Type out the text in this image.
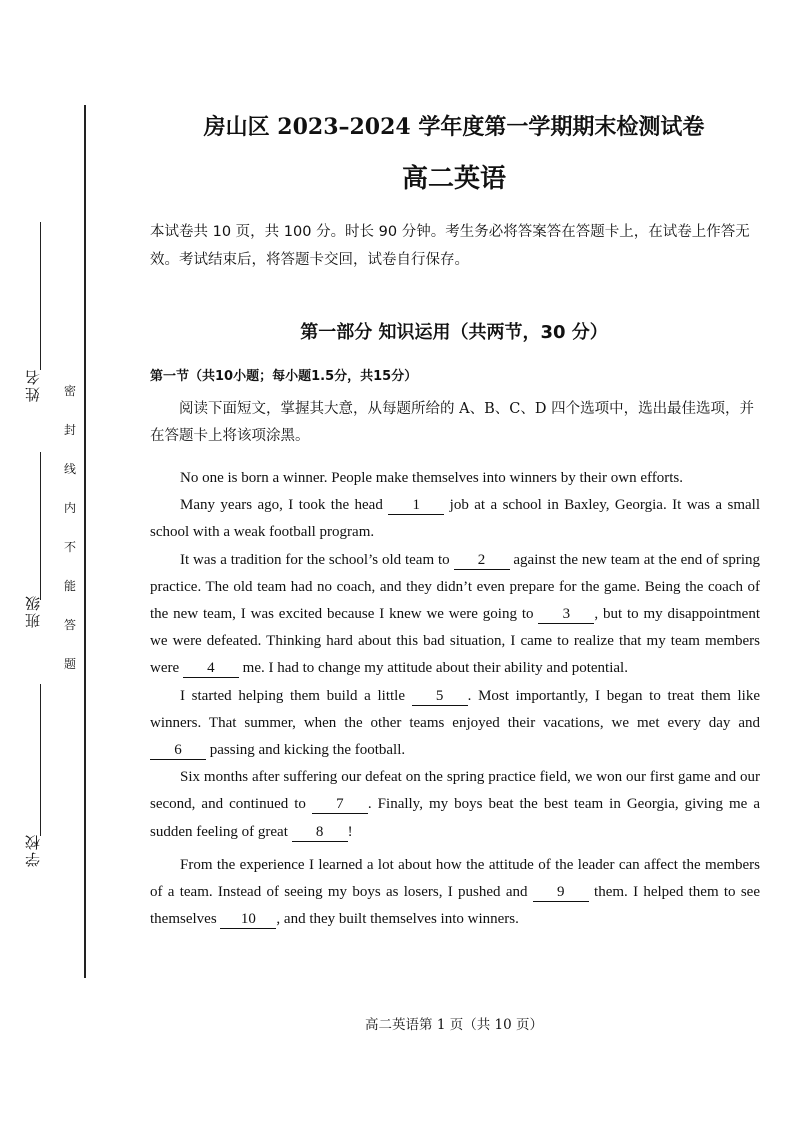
姓名
班级
学校
密
封
线
内
不
能
答
题
房山区 2023–2024 学年度第一学期期末检测试卷
高二英语
本试卷共 10 页，共 100 分。时长 90 分钟。考生务必将答案答在答题卡上，在试卷上作答无效。考试结束后，将答题卡交回，试卷自行保存。
第一部分 知识运用（共两节，30 分）
第一节（共10小题；每小题1.5分，共15分）
阅读下面短文，掌握其大意，从每题所给的 A、B、C、D 四个选项中，选出最佳选项，并在答题卡上将该项涂黑。

No one is born a winner. People make themselves into winners by their own efforts.

Many years ago, I took the head 1 job at a school in Baxley, Georgia. It was a small school with a weak football program.

It was a tradition for the school’s old team to 2 against the new team at the end of spring practice. The old team had no coach, and they didn’t even prepare for the game. Being the coach of the new team, I was excited because I knew we were going to 3 , but to my disappointment we were defeated. Thinking hard about this bad situation, I came to realize that my team members were 4 me. I had to change my attitude about their ability and potential.

I started helping them build a little 5 . Most importantly, I began to treat them like winners. That summer, when the other teams enjoyed their vacations, we met every day and 6 passing and kicking the football.

Six months after suffering our defeat on the spring practice field, we won our first game and our second, and continued to 7 . Finally, my boys beat the best team in Georgia, giving me a sudden feeling of great 8 !

From the experience I learned a lot about how the attitude of the leader can affect the members of a team. Instead of seeing my boys as losers, I pushed and 9 them. I helped them to see themselves 10 , and they built themselves into winners.

高二英语第 1 页（共 10 页）
